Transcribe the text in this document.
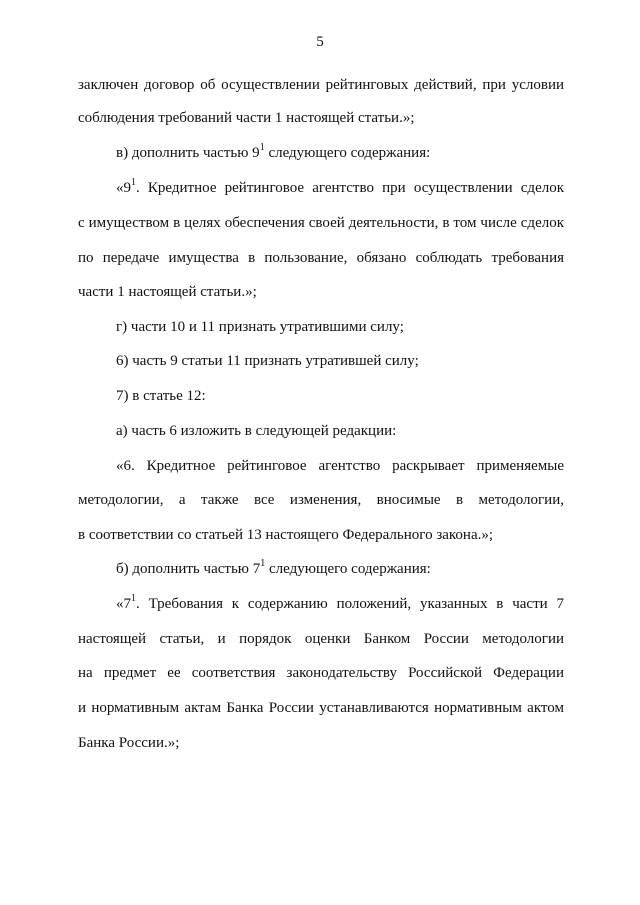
5
заключен договор об осуществлении рейтинговых действий, при условии
соблюдения требований части 1 настоящей статьи.»;
в) дополнить частью $9^1$ следующего содержания:
«$9^1$. Кредитное рейтинговое агентство при осуществлении сделок
с имуществом в целях обеспечения своей деятельности, в том числе сделок
по передаче имущества в пользование, обязано соблюдать требования
части 1 настоящей статьи.»;
г) части 10 и 11 признать утратившими силу;
6) часть 9 статьи 11 признать утратившей силу;
7) в статье 12:
а) часть 6 изложить в следующей редакции:
«6. Кредитное рейтинговое агентство раскрывает применяемые
методологии, а также все изменения, вносимые в методологии,
в соответствии со статьей 13 настоящего Федерального закона.»;
б) дополнить частью $7^1$ следующего содержания:
«$7^1$. Требования к содержанию положений, указанных в части 7
настоящей статьи, и порядок оценки Банком России методологии
на предмет ее соответствия законодательству Российской Федерации
и нормативным актам Банка России устанавливаются нормативным актом
Банка России.»;
